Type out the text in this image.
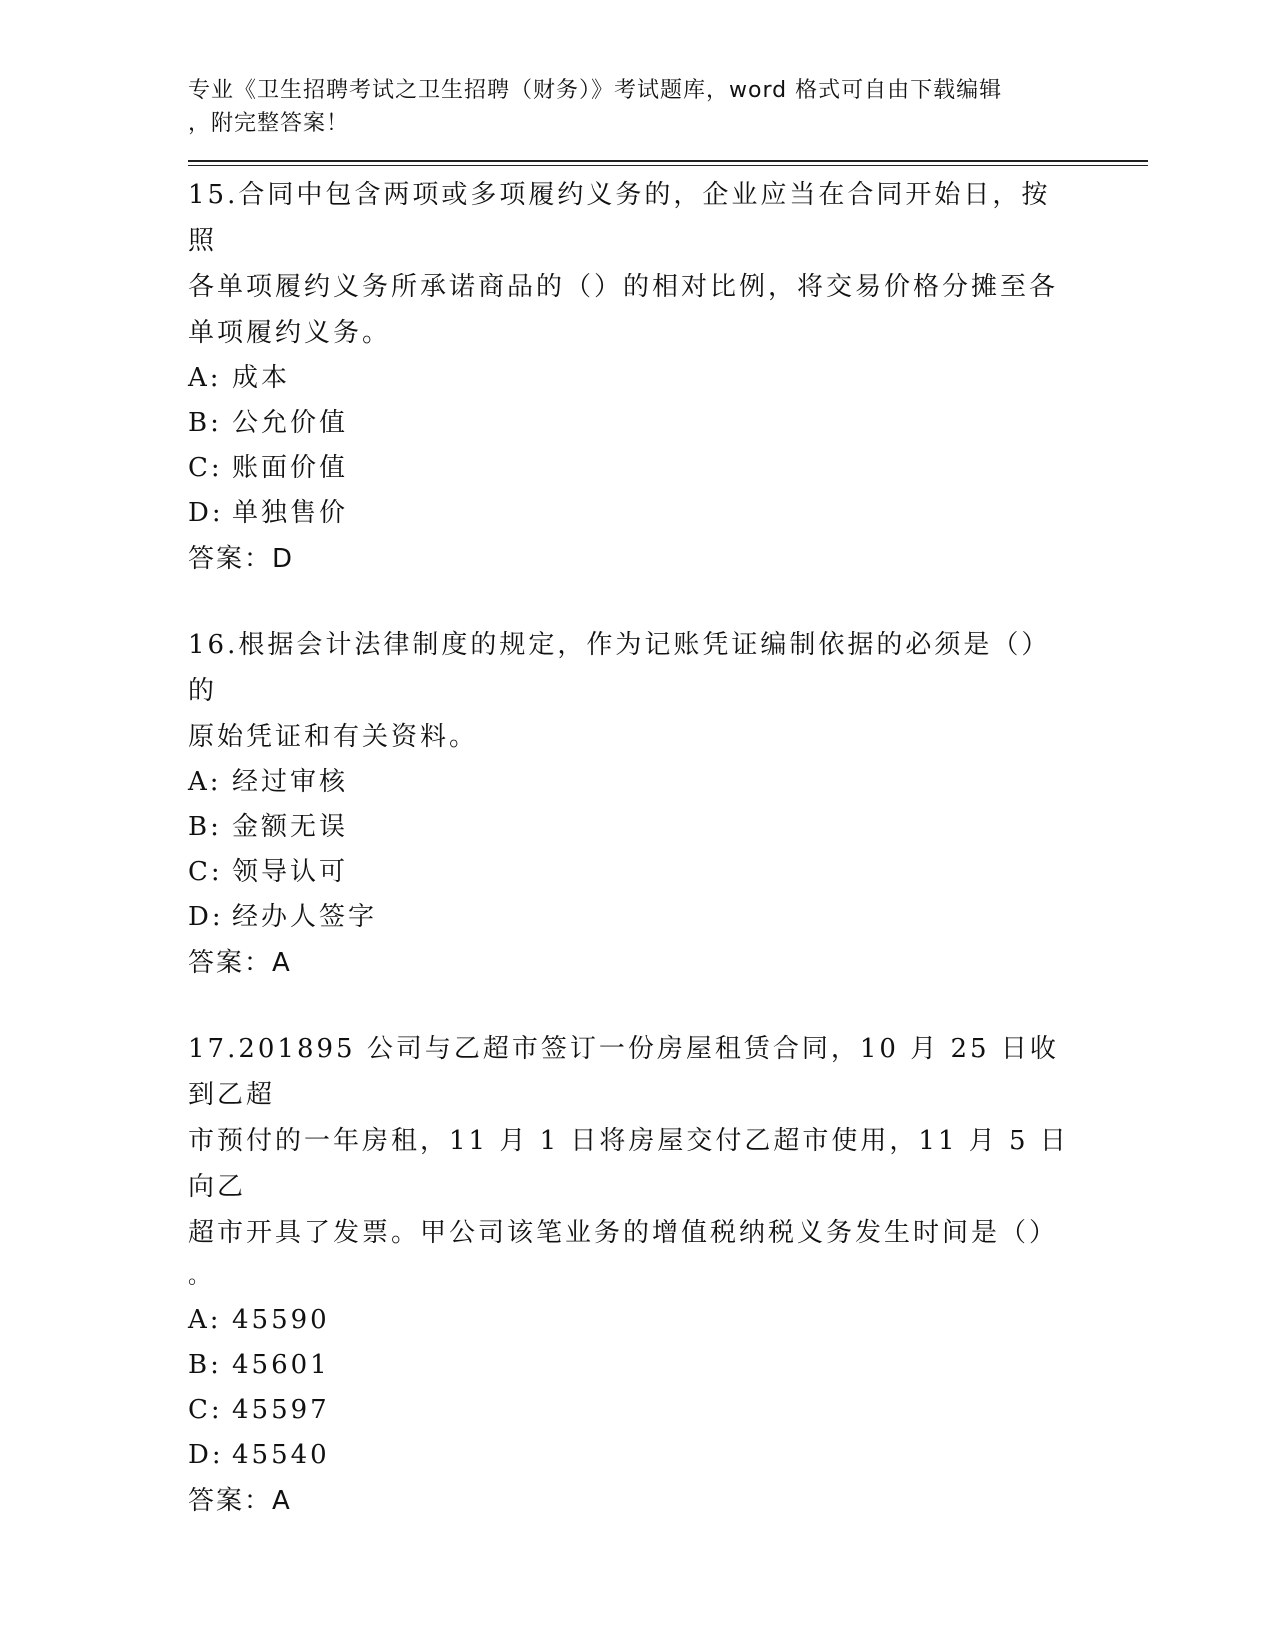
专业《卫生招聘考试之卫生招聘（财务）》考试题库，word 格式可自由下载编辑
，附完整答案！
15.合同中包含两项或多项履约义务的，企业应当在合同开始日，按照
各单项履约义务所承诺商品的（）的相对比例，将交易价格分摊至各
单项履约义务。
A: 成本
B: 公允价值
C: 账面价值
D: 单独售价
答案：D
16.根据会计法律制度的规定，作为记账凭证编制依据的必须是（）的
原始凭证和有关资料。
A: 经过审核
B: 金额无误
C: 领导认可
D: 经办人签字
答案：A
17.201895 公司与乙超市签订一份房屋租赁合同，10 月 25 日收到乙超
市预付的一年房租，11 月 1 日将房屋交付乙超市使用，11 月 5 日向乙
超市开具了发票。甲公司该笔业务的增值税纳税义务发生时间是（）
。
A: 45590
B: 45601
C: 45597
D: 45540
答案：A
